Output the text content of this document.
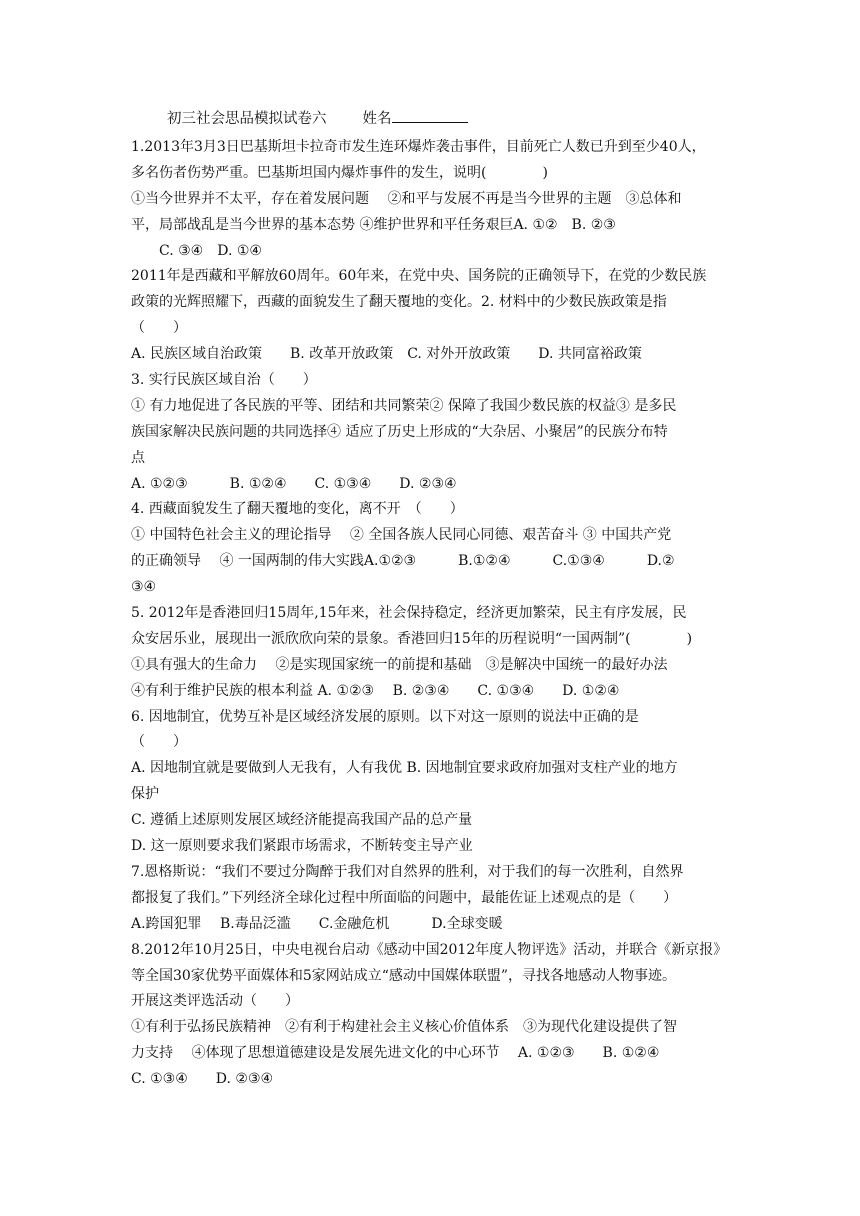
初三社会思品模拟试卷六 姓名
1.2013年3月3日巴基斯坦卡拉奇市发生连环爆炸袭击事件，目前死亡人数已升到至少40人，
多名伤者伤势严重。巴基斯坦国内爆炸事件的发生，说明(　　　　)
①当今世界并不太平，存在着发展问题　 ②和平与发展不再是当今世界的主题　③总体和
平，局部战乱是当今世界的基本态势 ④维护世界和平任务艰巨A. ①②　B. ②③
C. ③④　D. ①④
2011年是西藏和平解放60周年。60年来，在党中央、国务院的正确领导下，在党的少数民族
政策的光辉照耀下，西藏的面貌发生了翻天覆地的变化。2. 材料中的少数民族政策是指
（　　）
A. 民族区域自治政策　　B. 改革开放政策　C. 对外开放政策　　D. 共同富裕政策
3. 实行民族区域自治（　　）
① 有力地促进了各民族的平等、团结和共同繁荣② 保障了我国少数民族的权益③ 是多民
族国家解决民族问题的共同选择④ 适应了历史上形成的“大杂居、小聚居”的民族分布特
点
A. ①②③　　　B. ①②④　　C. ①③④　　D. ②③④
4. 西藏面貌发生了翻天覆地的变化，离不开　（　　）
① 中国特色社会主义的理论指导　 ② 全国各族人民同心同德、艰苦奋斗 ③ 中国共产党
的正确领导　 ④ 一国两制的伟大实践A.①②③　　　B.①②④　　　C.①③④　　　D.②
③④
5. 2012年是香港回归15周年,15年来，社会保持稳定，经济更加繁荣，民主有序发展，民
众安居乐业，展现出一派欣欣向荣的景象。香港回归15年的历程说明“一国两制”(　　　　)
①具有强大的生命力　 ②是实现国家统一的前提和基础　③是解决中国统一的最好办法
④有利于维护民族的根本利益 A. ①②③　 B. ②③④　　C. ①③④　　D. ①②④
6. 因地制宜，优势互补是区域经济发展的原则。以下对这一原则的说法中正确的是
（　　）
A. 因地制宜就是要做到人无我有，人有我优 B. 因地制宜要求政府加强对支柱产业的地方
保护
C. 遵循上述原则发展区域经济能提高我国产品的总产量
D. 这一原则要求我们紧跟市场需求，不断转变主导产业
7.恩格斯说：“我们不要过分陶醉于我们对自然界的胜利，对于我们的每一次胜利，自然界
都报复了我们。”下列经济全球化过程中所面临的问题中，最能佐证上述观点的是（　　）
A.跨国犯罪　 B.毒品泛滥　　C.金融危机　　　D.全球变暖
8.2012年10月25日，中央电视台启动《感动中国2012年度人物评选》活动，并联合《新京报》
等全国30家优势平面媒体和5家网站成立“感动中国媒体联盟”，寻找各地感动人物事迹。
开展这类评选活动（　　）
①有利于弘扬民族精神　②有利于构建社会主义核心价值体系　③为现代化建设提供了智
力支持　 ④体现了思想道德建设是发展先进文化的中心环节　 A. ①②③　　B. ①②④
C. ①③④　　D. ②③④
